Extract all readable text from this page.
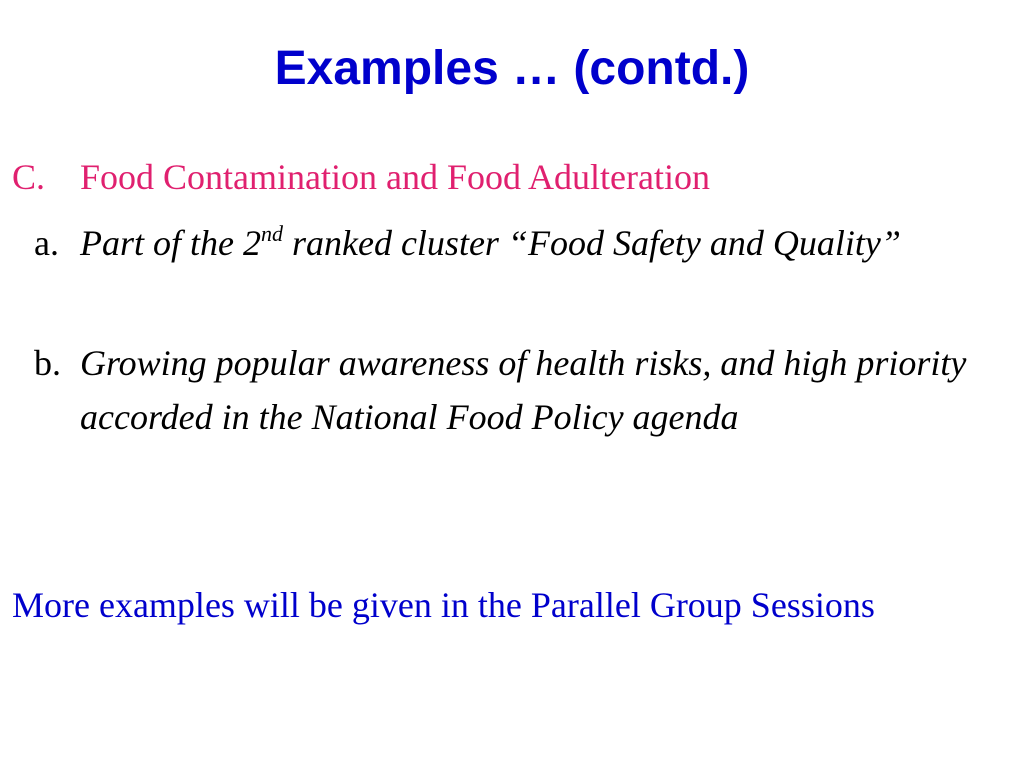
Examples … (contd.)
C. Food Contamination and Food Adulteration
a. Part of the 2nd ranked cluster “Food Safety and Quality”
b. Growing popular awareness of health risks, and high priority accorded in the National Food Policy agenda
More examples will be given in the Parallel Group Sessions
